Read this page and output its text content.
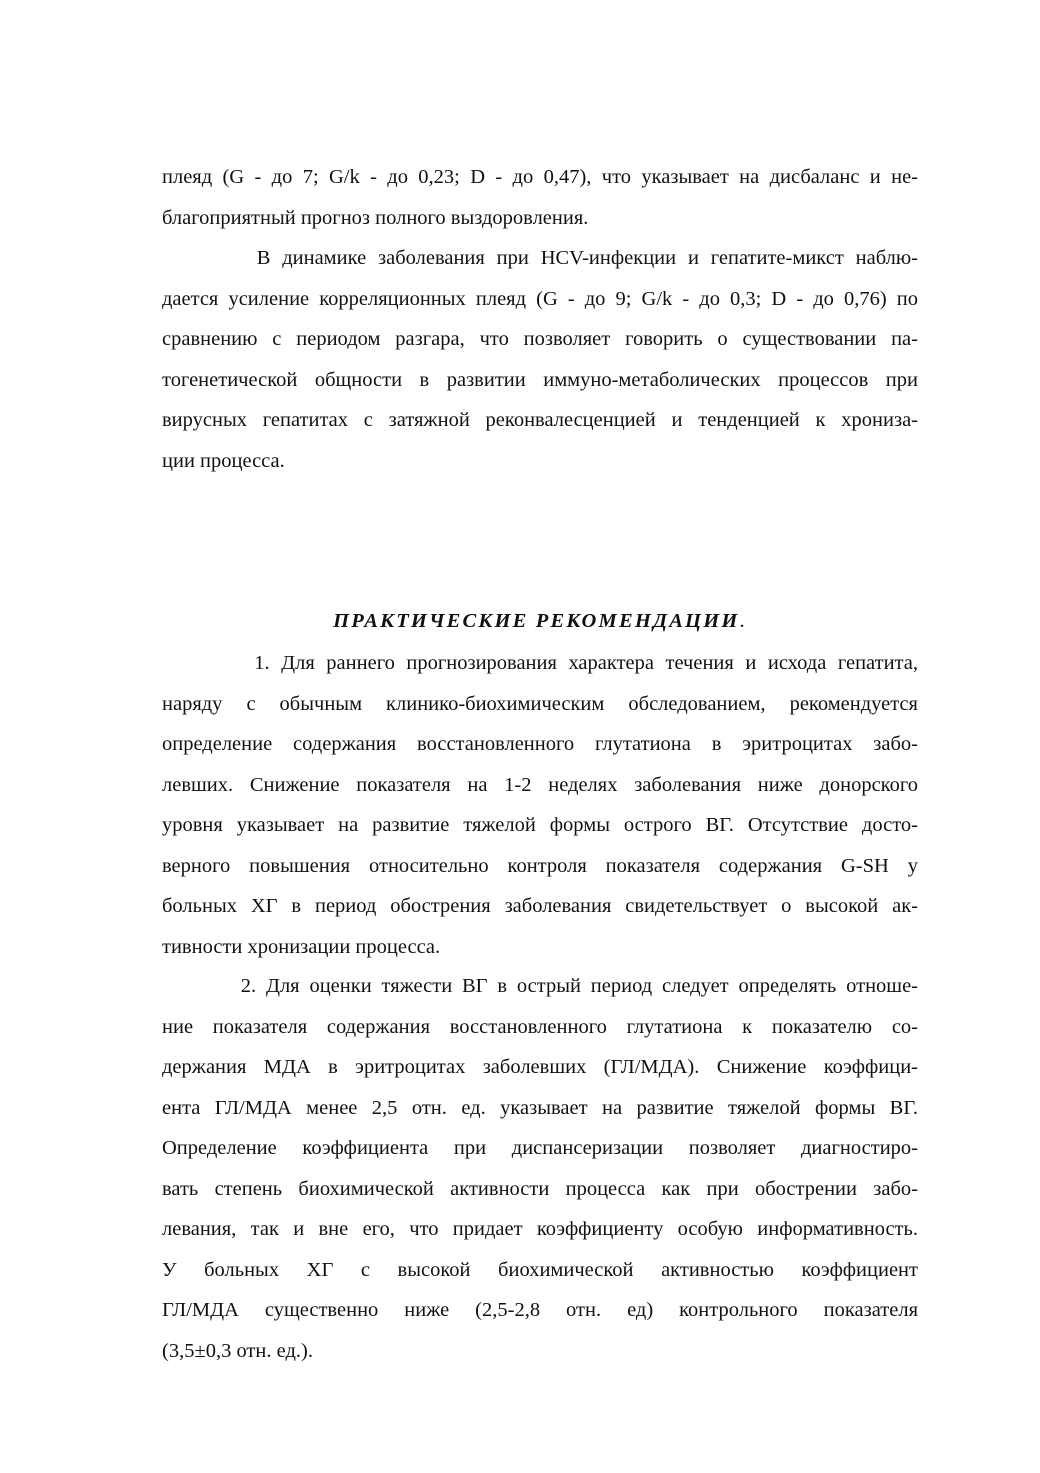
плеяд (G - до 7; G/k - до 0,23; D - до 0,47), что указывает на дисбаланс и не-
благоприятный прогноз полного выздоровления.
В динамике заболевания при HCV-инфекции и гепатите-микст наблю-
дается усиление корреляционных плеяд (G - до 9; G/k - до 0,3; D - до 0,76) по
сравнению с периодом разгара, что позволяет говорить о существовании па-
тогенетической общности в развитии иммуно-метаболических процессов при
вирусных гепатитах с затяжной реконвалесценцией и тенденцией к хрониза-
ции процесса.
ПРАКТИЧЕСКИЕ РЕКОМЕНДАЦИИ.
1. Для раннего прогнозирования характера течения и исхода гепатита,
наряду с обычным клинико-биохимическим обследованием, рекомендуется
определение содержания восстановленного глутатиона в эритроцитах забо-
левших. Снижение показателя на 1-2 неделях заболевания ниже донорского
уровня указывает на развитие тяжелой формы острого ВГ. Отсутствие досто-
верного повышения относительно контроля показателя содержания G-SH у
больных ХГ в период обострения заболевания свидетельствует о высокой ак-
тивности хронизации процесса.
2. Для оценки тяжести ВГ в острый период следует определять отноше-
ние показателя содержания восстановленного глутатиона к показателю со-
держания МДА в эритроцитах заболевших (ГЛ/МДА). Снижение коэффици-
ента ГЛ/МДА менее 2,5 отн. ед. указывает на развитие тяжелой формы ВГ.
Определение коэффициента при диспансеризации позволяет диагностиро-
вать степень биохимической активности процесса как при обострении забо-
левания, так и вне его, что придает коэффициенту особую информативность.
У больных ХГ с высокой биохимической активностью коэффициент
ГЛ/МДА существенно ниже (2,5-2,8 отн. ед) контрольного показателя
(3,5±0,3 отн. ед.).
